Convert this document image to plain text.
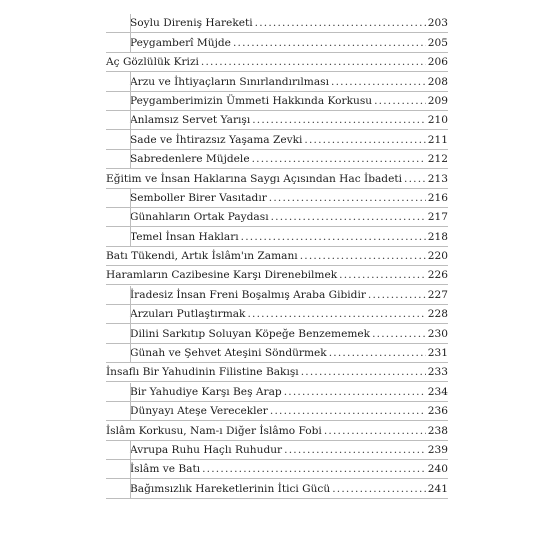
Soylu Direniş Hareketi .....	203
Peygamberî Müjde .....	205
Aç Gözlülük Krizi .....	206
Arzu ve İhtiyaçların Sınırlandırılması .....	208
Peygamberimizin Ümmeti Hakkında Korkusu .....	209
Anlamsız Servet Yarışı .....	210
Sade ve İhtirazsız Yaşama Zevki .....	211
Sabredenlere Müjdele .....	212
Eğitim ve İnsan Haklarına Saygı Açısından Hac İbadeti ..... 213
Semboller Birer Vasıtadır .....	216
Günahların Ortak Paydası .....	217
Temel İnsan Hakları .....	218
Batı Tükendi, Artık İslâm'ın Zamanı .....	220
Haramların Cazibesine Karşı Direnebilmek .....	226
İradesiz İnsan Freni Boşalmış Araba Gibidir .....	227
Arzuları Putlaştırmak .....	228
Dilini Sarkıtıp Soluyan Köpeğe Benzememek .....	230
Günah ve Şehvet Ateşini Söndürmek .....	231
İnsaflı Bir Yahudinin Filistine Bakışı .....	233
Bir Yahudiye Karşı Beş Arap .....	234
Dünyayı Ateşe Verecekler .....	236
İslâm Korkusu, Nam-ı Diğer İslâmo Fobi .....	238
Avrupa Ruhu Haçlı Ruhudur .....	239
İslâm ve Batı .....	240
Bağımsızlık Hareketlerinin İtici Gücü .....	241
